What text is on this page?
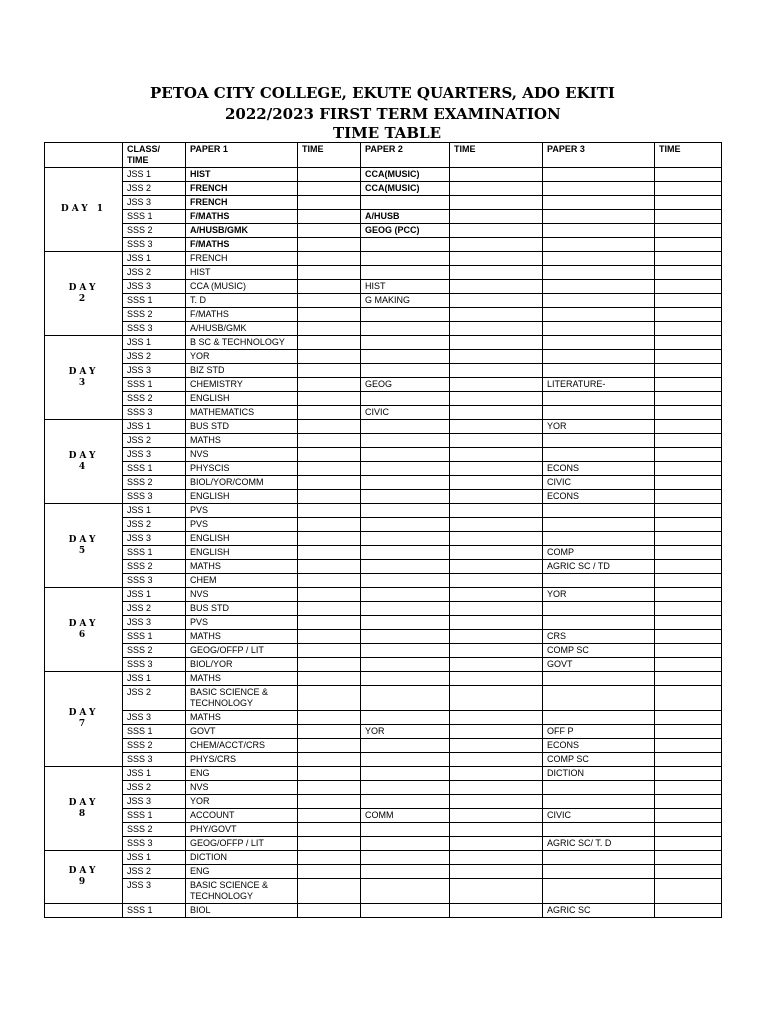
PETOA CITY COLLEGE, EKUTE QUARTERS, ADO EKITI
2022/2023 FIRST TERM EXAMINATION
TIME TABLE
	CLASS/ TIME	PAPER 1	TIME	PAPER 2	TIME	PAPER 3	TIME
DAY 1	JSS 1	HIST		CCA(MUSIC)			
	JSS 2	FRENCH		CCA(MUSIC)			
	JSS 3	FRENCH					
	SSS 1	F/MATHS		A/HUSB			
	SSS 2	A/HUSB/GMK		GEOG (PCC)			
	SSS 3	F/MATHS					
DAY
2	JSS 1	FRENCH					
	JSS 2	HIST					
	JSS 3	CCA (MUSIC)		HIST			
	SSS 1	T. D		G MAKING			
	SSS 2	F/MATHS					
	SSS 3	A/HUSB/GMK					
DAY
3	JSS 1	B SC & TECHNOLOGY					
	JSS 2	YOR					
	JSS 3	BIZ STD					
	SSS 1	CHEMISTRY		GEOG		LITERATURE-	
	SSS 2	ENGLISH					
	SSS 3	MATHEMATICS		CIVIC			
DAY
4	JSS 1	BUS STD				YOR	
	JSS 2	MATHS					
	JSS 3	NVS					
	SSS 1	PHYSCIS				ECONS	
	SSS 2	BIOL/YOR/COMM				CIVIC	
	SSS 3	ENGLISH				ECONS	
DAY
5	JSS 1	PVS					
	JSS 2	PVS					
	JSS 3	ENGLISH					
	SSS 1	ENGLISH				COMP	
	SSS 2	MATHS				AGRIC SC / TD	
	SSS 3	CHEM					
DAY
6	JSS 1	NVS				YOR	
	JSS 2	BUS STD					
	JSS 3	PVS					
	SSS 1	MATHS				CRS	
	SSS 2	GEOG/OFFP / LIT				COMP SC	
	SSS 3	BIOL/YOR				GOVT	
DAY
7	JSS 1	MATHS					
	JSS 2	BASIC SCIENCE & TECHNOLOGY					
	JSS 3	MATHS					
	SSS 1	GOVT		YOR		OFF P	
	SSS 2	CHEM/ACCT/CRS				ECONS	
	SSS 3	PHYS/CRS				COMP SC	
DAY
8	JSS 1	ENG				DICTION	
	JSS 2	NVS					
	JSS 3	YOR					
	SSS 1	ACCOUNT		COMM		CIVIC	
	SSS 2	PHY/GOVT					
	SSS 3	GEOG/OFFP / LIT				AGRIC SC/ T. D	
DAY
9	JSS 1	DICTION					
	JSS 2	ENG					
	JSS 3	BASIC SCIENCE & TECHNOLOGY					
	SSS 1	BIOL				AGRIC SC	
